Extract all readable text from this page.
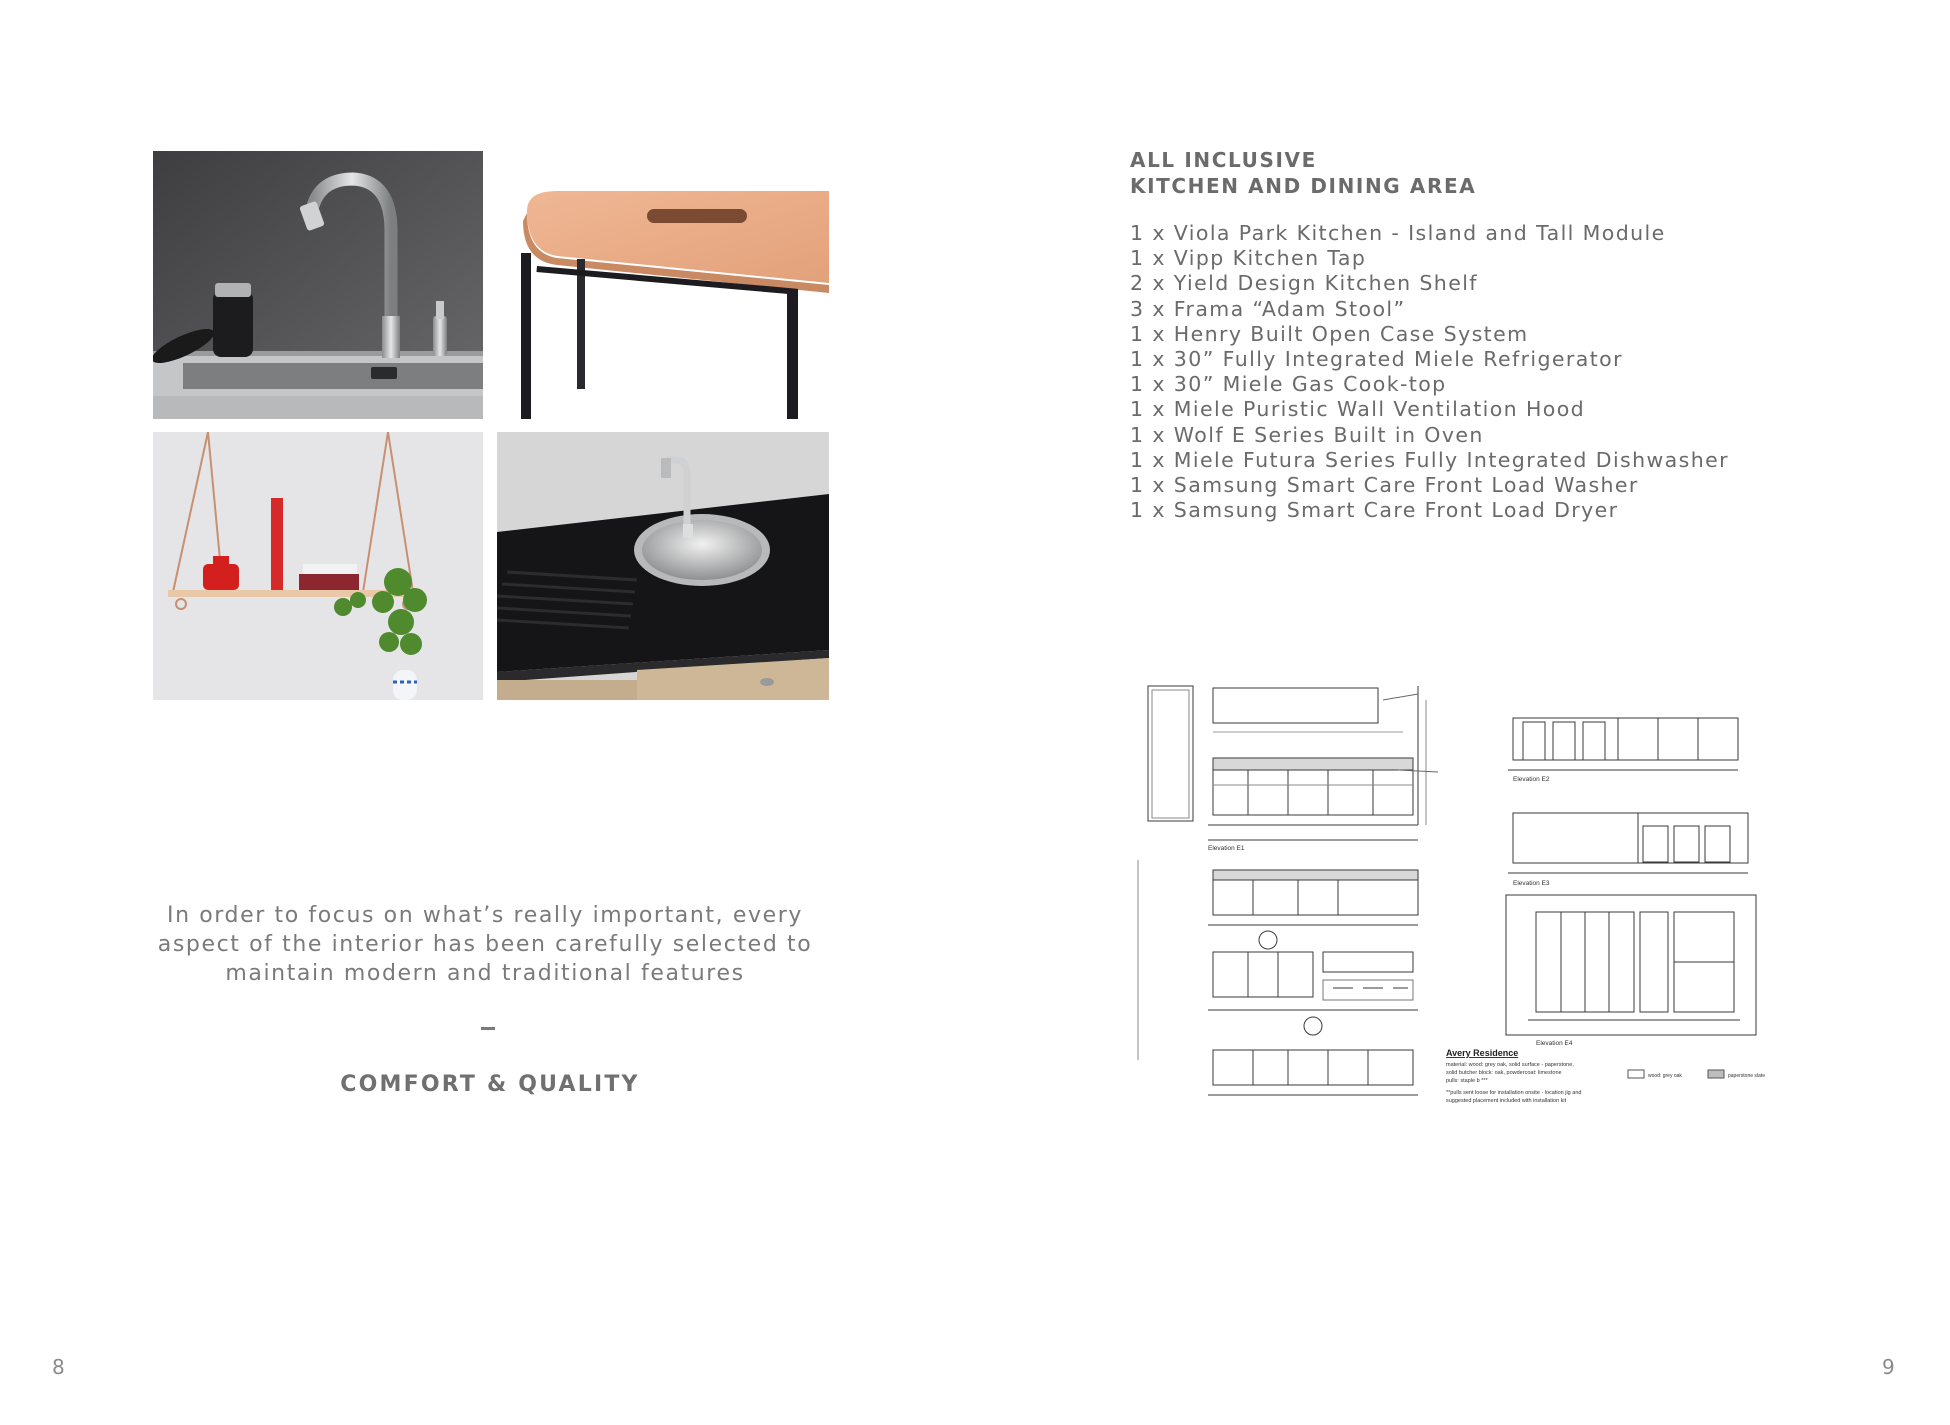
In order to focus on what’s really important, every aspect of the interior has been carefully selected to maintain modern and traditional features
COMFORT & QUALITY
8
ALL INCLUSIVE
KITCHEN AND DINING AREA
1 x Viola Park Kitchen - Island and Tall Module
1 x Vipp Kitchen Tap
2 x Yield Design Kitchen Shelf
3 x Frama “Adam Stool”
1 x Henry Built Open Case System
1 x 30” Fully Integrated Miele Refrigerator
1 x 30” Miele Gas Cook-top
1 x Miele Puristic Wall Ventilation Hood
1 x Wolf E Series Built in Oven
1 x Miele Futura Series Fully Integrated Dishwasher
1 x Samsung Smart Care Front Load Washer
1 x Samsung Smart Care Front Load Dryer
Elevation E1
Elevation E2
Elevation E3
Elevation E4
Avery Residence
material: wood: grey oak, solid surface - paperstone,
solid butcher block: oak, powdercoat: limestone
pulls: staple b ***
**pulls sent loose for installation onsite - location jig and
suggested placement included with installation kit
wood: grey oak	paperstone slate
9
